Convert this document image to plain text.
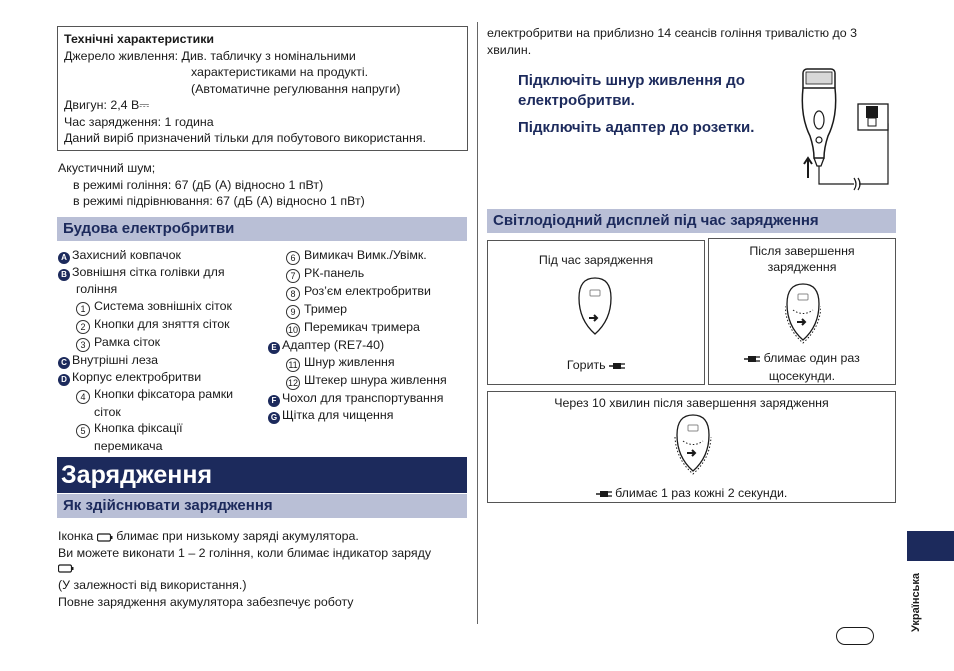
Технічні характеристики
Джерело живлення: Див. табличку з номінальними
характеристиками на продукті.
(Автоматичне регулювання напруги)
Двигун: 2,4 В⎓
Час зарядження: 1 година
Даний виріб призначений тільки для побутового використання.
Акустичний шум;
в режимі гоління: 67 (дБ (A) відносно 1 пВт)
в режимі підрівнювання: 67 (дБ (A) відносно 1 пВт)
Будова електробритви
A Захисний ковпачок
B Зовнішня сітка голівки для
гоління
1 Система зовнішніх сіток
2 Кнопки для зняття сіток
3 Рамка сіток
C Внутрішні леза
D Корпус електробритви
4 Кнопки фіксатора рамки
сіток
5 Кнопка фіксації
перемикача
6 Вимикач Вимк./Увімк.
7 РК-панель
8 Роз’єм електробритви
9 Тример
10 Перемикач тримера
E Адаптер (RE7-40)
11 Шнур живлення
12 Штекер шнура живлення
F Чохол для транспортування
G Щітка для чищення
Зарядження
Як здійснювати зарядження
Іконка блимає при низькому заряді акумулятора.
Ви можете виконати 1 – 2 гоління, коли блимає індикатор заряду
(У залежності від використання.)
Повне зарядження акумулятора забезпечує роботу
електробритви на приблизно 14 сеансів гоління тривалістю до 3
хвилин.
Підключіть шнур живлення до
електробритви.
Підключіть адаптер до розетки.
Світлодіодний дисплей під час зарядження
Під час зарядження
Горить
Після завершення
зарядження
блимає один раз
щосекунди.
Через 10 хвилин після завершення зарядження
блимає 1 раз кожні 2 секунди.
Українська
